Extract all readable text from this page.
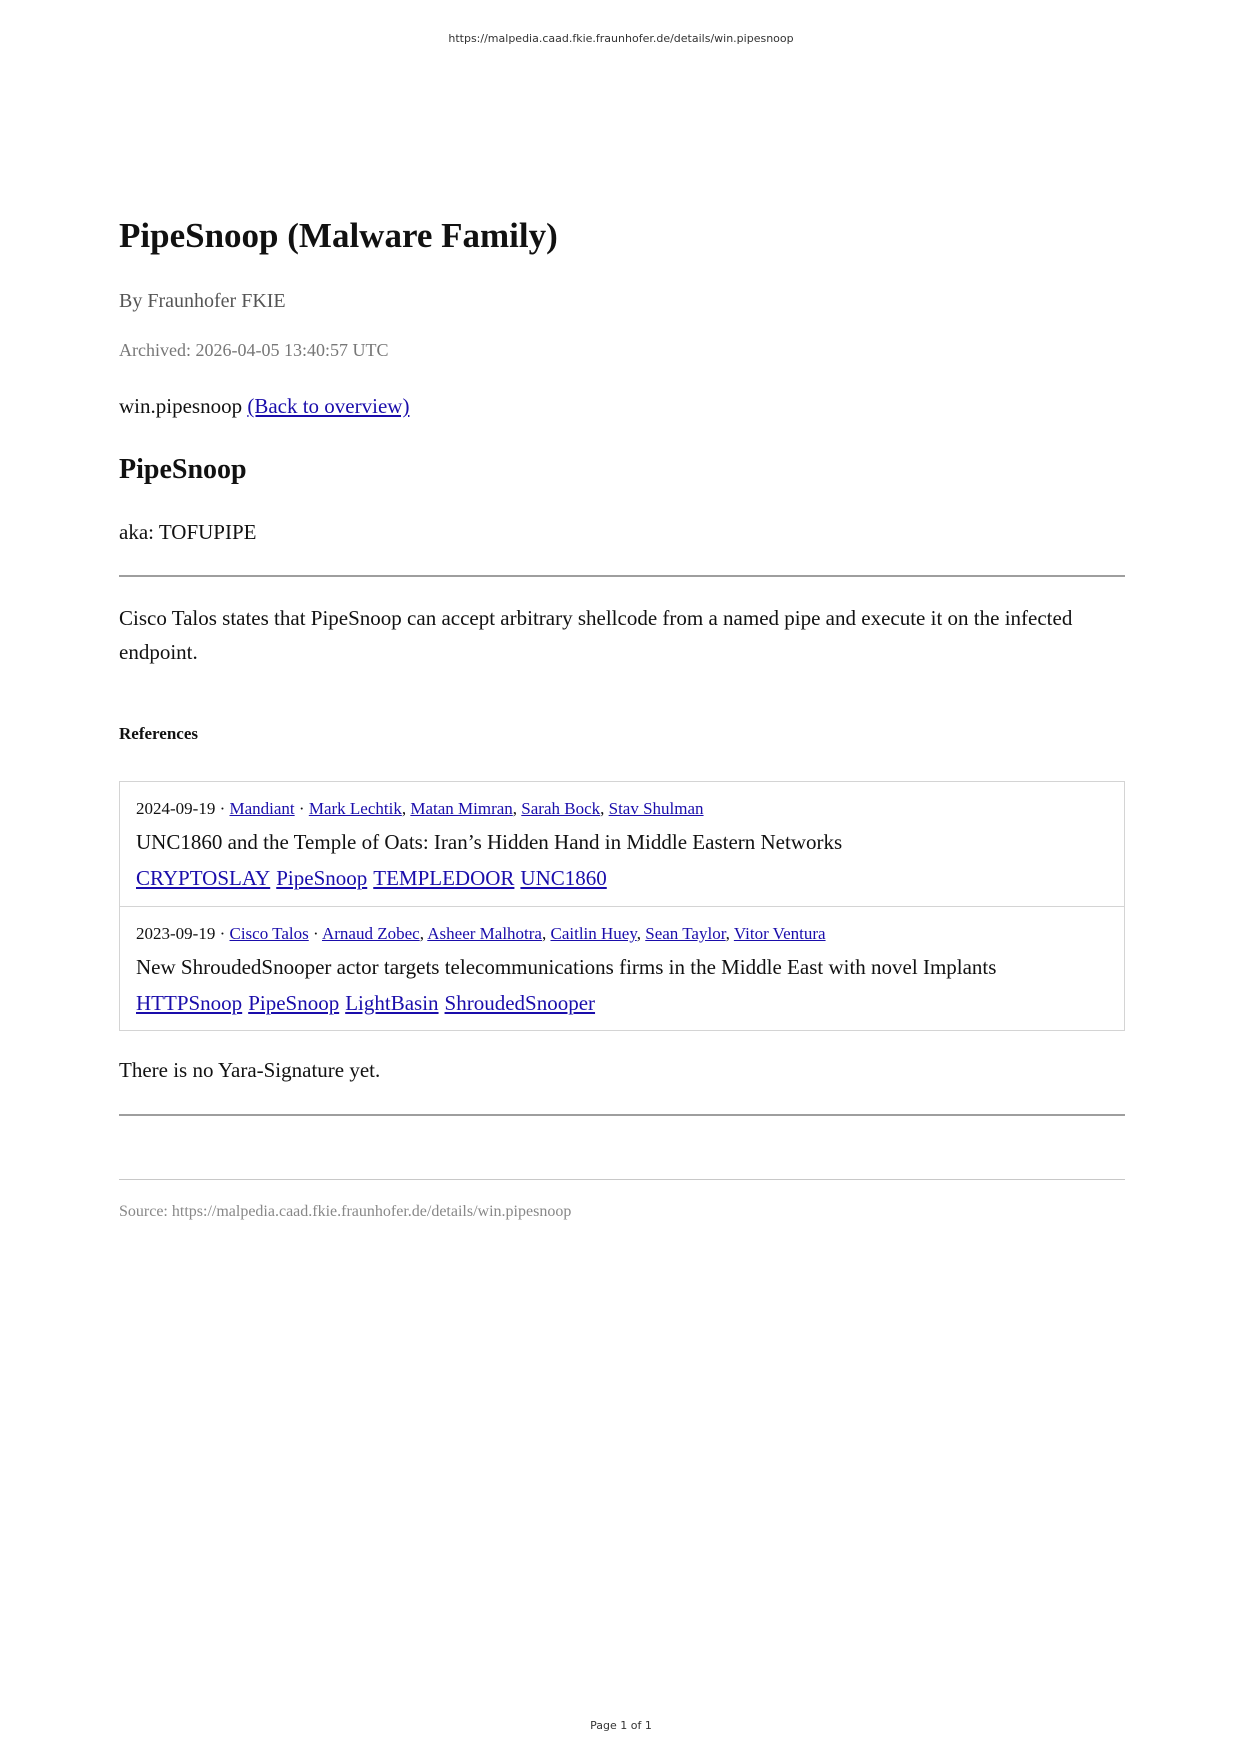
https://malpedia.caad.fkie.fraunhofer.de/details/win.pipesnoop
PipeSnoop (Malware Family)
By Fraunhofer FKIE
Archived: 2026-04-05 13:40:57 UTC
win.pipesnoop (Back to overview)
PipeSnoop
aka: TOFUPIPE

Cisco Talos states that PipeSnoop can accept arbitrary shellcode from a named pipe and execute it on the infected endpoint.

References
2024-09-19 · Mandiant · Mark Lechtik, Matan Mimran, Sarah Bock, Stav Shulman
UNC1860 and the Temple of Oats: Iran’s Hidden Hand in Middle Eastern Networks
CRYPTOSLAY PipeSnoop TEMPLEDOOR UNC1860
2023-09-19 · Cisco Talos · Arnaud Zobec, Asheer Malhotra, Caitlin Huey, Sean Taylor, Vitor Ventura
New ShroudedSnooper actor targets telecommunications firms in the Middle East with novel Implants
HTTPSnoop PipeSnoop LightBasin ShroudedSnooper
There is no Yara-Signature yet.
Source: https://malpedia.caad.fkie.fraunhofer.de/details/win.pipesnoop
Page 1 of 1
